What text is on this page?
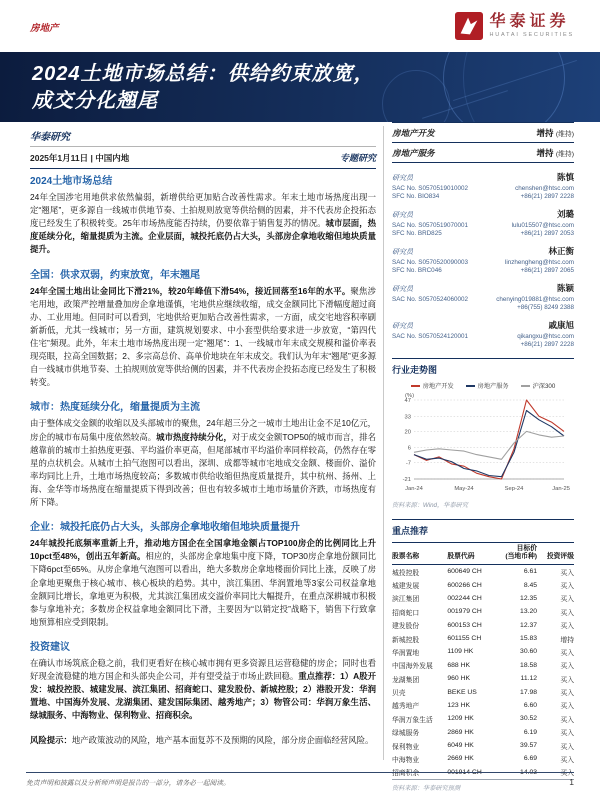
房地产	华泰证券
HUATAI SECURITIES
2024土地市场总结：供给约束放宽，
成交分化翘尾
华泰研究
2025年1月11日 | 中国内地	专题研究
2024土地市场总结

24年全国涉宅用地供求依然偏弱，新增供给更加贴合改善性需求。年末土地市场热度出现一定“翘尾”，更多源自一线城市供地节奏、土拍规则放宽等供给侧的因素，并不代表房企投拓态度已经发生了积极转变。25年市场热度能否持续，仍要依靠于销售复苏的情况。城市层面，热度延续分化，缩量提质为主流。企业层面，城投托底仍占大头，头部房企拿地收缩但地块质量提升。

全国：供求双弱，约束放宽，年末翘尾

24年全国土地出让金同比下滑21%，较20年峰值下滑54%，接近回落至16年的水平。聚焦涉宅用地，政策严控增量叠加房企拿地谨慎，宅地供应继续收缩，成交金额同比下滑幅度超过商办、工业用地。但同时可以看到，宅地供给更加贴合改善性需求，一方面，成交宅地容积率刷新新低，尤其一线城市；另一方面，建筑规划要求、中小套型供给要求进一步放宽，“第四代住宅”频现。此外，年末土地市场热度出现一定“翘尾”：1、一线城市年末成交规模和溢价率表现亮眼，拉高全国数据；2、多宗高总价、高单价地块在年末成交。我们认为年末“翘尾”更多源自一线城市供地节奏、土拍规则放宽等供给侧的因素，并不代表房企投拓态度已经发生了积极转变。

城市：热度延续分化，缩量提质为主流

由于整体成交金额的收缩以及头部城市的聚焦，24年超三分之一城市土地出让金不足10亿元，房企的城市布局集中度依然较高。城市热度持续分化，对于成交金额TOP50的城市而言，排名越靠前的城市土拍热度更强、平均溢价率更高，但尾部城市平均溢价率同样较高，仍然存在零星的点状机会。从城市土拍气泡图可以看出，深圳、成都等城市宅地成交金额、楼面价、溢价率均同比上升，土地市场热度较高；多数城市供给收缩但热度质量提升，其中杭州、扬州、上海、金华等市场热度在缩量提质下得到改善；但也有较多城市土地市场量价齐跌，市场热度有所下降。

企业：城投托底仍占大头，头部房企拿地收缩但地块质量提升

24年城投托底频率重新上升，推动地方国企在全国拿地金额占TOP100房企的比例同比上升10pct至48%，创出五年新高。相应的，头部房企拿地集中度下降，TOP30房企拿地份额同比下降6pct至65%。从房企拿地气泡图可以看出，绝大多数房企拿地楼面价同比上涨，反映了房企拿地更聚焦于核心城市、核心板块的趋势。其中，滨江集团、华润置地等3家公司权益拿地金额同比增长，拿地更为积极，尤其滨江集团成交溢价率同比大幅提升，在重点深耕城市积极参与拿地补充；多数房企权益拿地金额同比下滑，主要因为“以销定投”战略下，销售下行致拿地预算相应受到限制。

投资建议

在确认市场筑底企稳之前，我们更看好在核心城市拥有更多资源且运营稳健的房企；同时也看好现金流稳健的地方国企和头部央企公司，并有望受益于市场止跌回稳。重点推荐：1）A股开发：城投控股、城建发展、滨江集团、招商蛇口、建发股份、新城控股；2）港股开发：华润置地、中国海外发展、龙湖集团、建发国际集团、越秀地产；3）物管公司：华润万象生活、绿城服务、中海物业、保利物业、招商积余。

风险提示：地产政策波动的风险，地产基本面复苏不及预期的风险，部分房企面临经营风险。

房地产开发	增持 (维持)
房地产服务	增持 (维持)
研究员	陈慎
SAC No. S0570519010002	chenshen@htsc.com
SFC No. BIO834	+86(21) 2897 2228
研究员	刘璐
SAC No. S0570519070001	lulu015507@htsc.com
SFC No. BRD825	+86(21) 2897 2053
研究员	林正衡
SAC No. S0570520090003	linzhengheng@htsc.com
SFC No. BRC046	+86(21) 2897 2065
研究员	陈颖
SAC No. S0570524060002	chenying019881@htsc.com
+86(755) 8249 2388
研究员	戚康旭
SAC No. S0570524120001	qikangxu@htsc.com
+86(21) 2897 2228
行业走势图
房地产开发	房地产服务	沪深300
(%)
47
33
20
6
-7
-21
Jan-24	May-24	Sep-24	Jan-25
资料来源：Wind，华泰研究
重点推荐
股票名称	股票代码	目标价
(当地币种)	投资评级
城投控股	600649 CH	6.61	买入
城建发展	600266 CH	8.45	买入
滨江集团	002244 CH	12.35	买入
招商蛇口	001979 CH	13.20	买入
建发股份	600153 CH	12.37	买入
新城控股	601155 CH	15.83	增持
华润置地	1109 HK	30.60	买入
中国海外发展	688 HK	18.58	买入
龙湖集团	960 HK	11.12	买入
贝壳	BEKE US	17.98	买入
越秀地产	123 HK	6.60	买入
华润万象生活	1209 HK	30.52	买入
绿城服务	2869 HK	6.19	买入
保利物业	6049 HK	39.57	买入
中海物业	2669 HK	6.69	买入
招商积余	001914 CH	14.03	买入
资料来源：华泰研究预测
免责声明和披露以及分析师声明是报告的一部分，请务必一起阅读。	1
